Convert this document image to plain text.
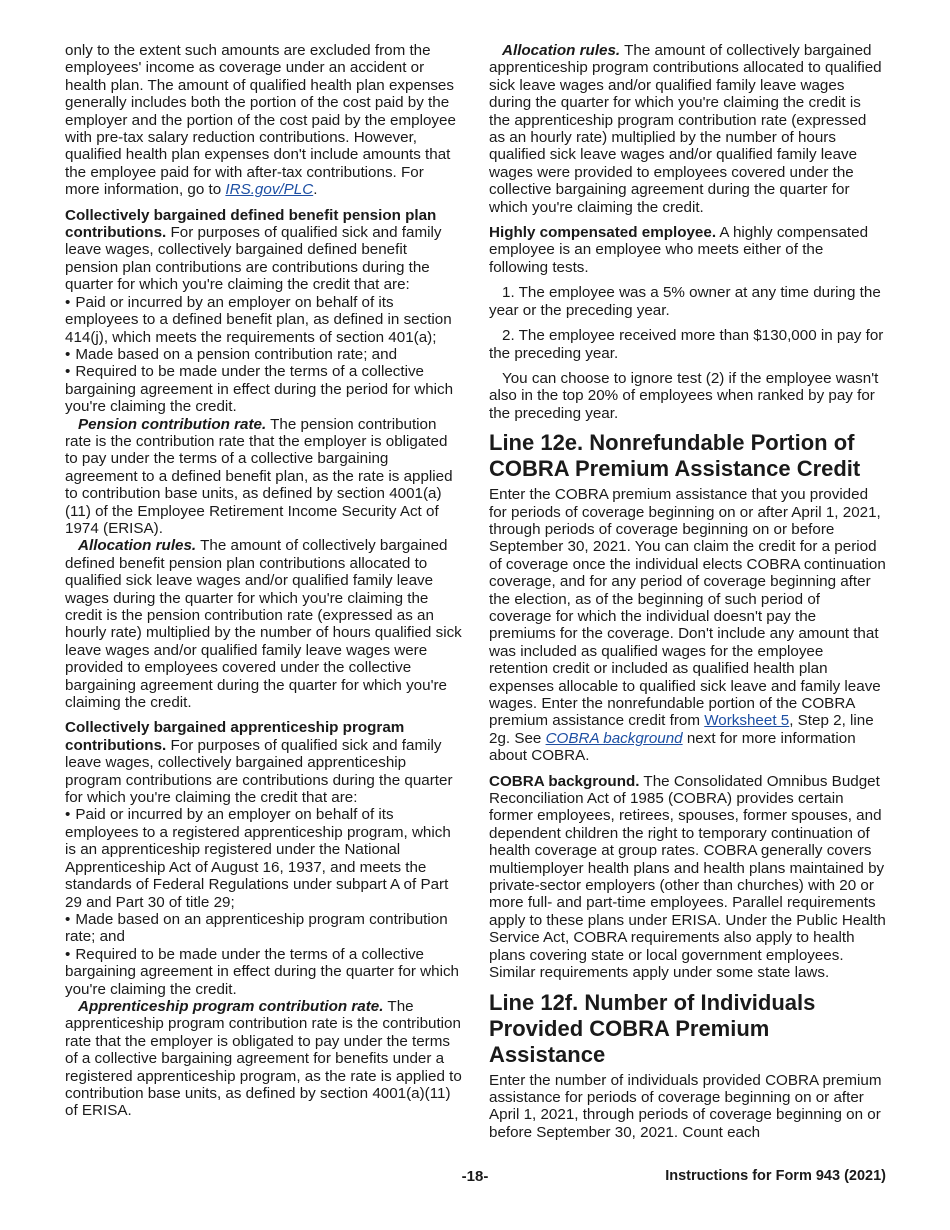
only to the extent such amounts are excluded from the employees' income as coverage under an accident or health plan. The amount of qualified health plan expenses generally includes both the portion of the cost paid by the employer and the portion of the cost paid by the employee with pre-tax salary reduction contributions. However, qualified health plan expenses don't include amounts that the employee paid for with after-tax contributions. For more information, go to IRS.gov/PLC.

Collectively bargained defined benefit pension plan contributions. For purposes of qualified sick and family leave wages, collectively bargained defined benefit pension plan contributions are contributions during the quarter for which you're claiming the credit that are:

• Paid or incurred by an employer on behalf of its employees to a defined benefit plan, as defined in section 414(j), which meets the requirements of section 401(a);

• Made based on a pension contribution rate; and

• Required to be made under the terms of a collective bargaining agreement in effect during the period for which you're claiming the credit.

Pension contribution rate. The pension contribution rate is the contribution rate that the employer is obligated to pay under the terms of a collective bargaining agreement to a defined benefit plan, as the rate is applied to contribution base units, as defined by section 4001(a)(11) of the Employee Retirement Income Security Act of 1974 (ERISA).

Allocation rules. The amount of collectively bargained defined benefit pension plan contributions allocated to qualified sick leave wages and/or qualified family leave wages during the quarter for which you're claiming the credit is the pension contribution rate (expressed as an hourly rate) multiplied by the number of hours qualified sick leave wages and/or qualified family leave wages were provided to employees covered under the collective bargaining agreement during the quarter for which you're claiming the credit.

Collectively bargained apprenticeship program contributions. For purposes of qualified sick and family leave wages, collectively bargained apprenticeship program contributions are contributions during the quarter for which you're claiming the credit that are:

• Paid or incurred by an employer on behalf of its employees to a registered apprenticeship program, which is an apprenticeship registered under the National Apprenticeship Act of August 16, 1937, and meets the standards of Federal Regulations under subpart A of Part 29 and Part 30 of title 29;

• Made based on an apprenticeship program contribution rate; and

• Required to be made under the terms of a collective bargaining agreement in effect during the quarter for which you're claiming the credit.

Apprenticeship program contribution rate. The apprenticeship program contribution rate is the contribution rate that the employer is obligated to pay under the terms of a collective bargaining agreement for benefits under a registered apprenticeship program, as the rate is applied to contribution base units, as defined by section 4001(a)(11) of ERISA.

Allocation rules. The amount of collectively bargained apprenticeship program contributions allocated to qualified sick leave wages and/or qualified family leave wages during the quarter for which you're claiming the credit is the apprenticeship program contribution rate (expressed as an hourly rate) multiplied by the number of hours qualified sick leave wages and/or qualified family leave wages were provided to employees covered under the collective bargaining agreement during the quarter for which you're claiming the credit.

Highly compensated employee. A highly compensated employee is an employee who meets either of the following tests.

1. The employee was a 5% owner at any time during the year or the preceding year.

2. The employee received more than $130,000 in pay for the preceding year.

You can choose to ignore test (2) if the employee wasn't also in the top 20% of employees when ranked by pay for the preceding year.

Line 12e. Nonrefundable Portion of COBRA Premium Assistance Credit

Enter the COBRA premium assistance that you provided for periods of coverage beginning on or after April 1, 2021, through periods of coverage beginning on or before September 30, 2021. You can claim the credit for a period of coverage once the individual elects COBRA continuation coverage, and for any period of coverage beginning after the election, as of the beginning of such period of coverage for which the individual doesn't pay the premiums for the coverage. Don't include any amount that was included as qualified wages for the employee retention credit or included as qualified health plan expenses allocable to qualified sick leave and family leave wages. Enter the nonrefundable portion of the COBRA premium assistance credit from Worksheet 5, Step 2, line 2g. See COBRA background next for more information about COBRA.

COBRA background. The Consolidated Omnibus Budget Reconciliation Act of 1985 (COBRA) provides certain former employees, retirees, spouses, former spouses, and dependent children the right to temporary continuation of health coverage at group rates. COBRA generally covers multiemployer health plans and health plans maintained by private-sector employers (other than churches) with 20 or more full- and part-time employees. Parallel requirements apply to these plans under ERISA. Under the Public Health Service Act, COBRA requirements also apply to health plans covering state or local government employees. Similar requirements apply under some state laws.

Line 12f. Number of Individuals Provided COBRA Premium Assistance

Enter the number of individuals provided COBRA premium assistance for periods of coverage beginning on or after April 1, 2021, through periods of coverage beginning on or before September 30, 2021. Count each

-18-	Instructions for Form 943 (2021)
